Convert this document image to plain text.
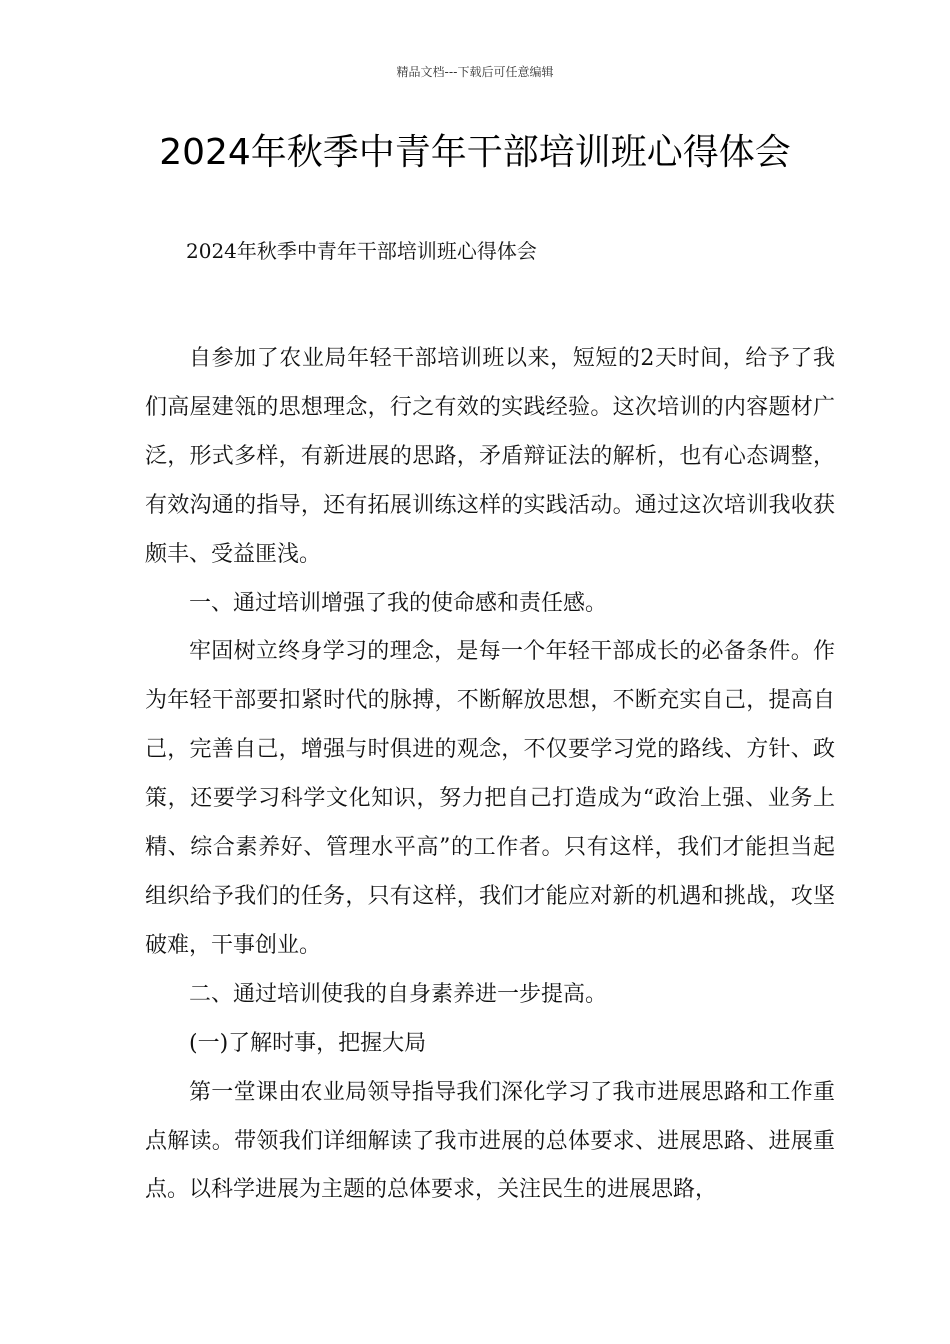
精品文档---下载后可任意编辑
2024年秋季中青年干部培训班心得体会
2024年秋季中青年干部培训班心得体会

自参加了农业局年轻干部培训班以来，短短的2天时间，给予了我们高屋建瓴的思想理念，行之有效的实践经验。这次培训的内容题材广泛，形式多样，有新进展的思路，矛盾辩证法的解析，也有心态调整，有效沟通的指导，还有拓展训练这样的实践活动。通过这次培训我收获颇丰、受益匪浅。

一、通过培训增强了我的使命感和责任感。

牢固树立终身学习的理念，是每一个年轻干部成长的必备条件。作为年轻干部要扣紧时代的脉搏，不断解放思想，不断充实自己，提高自己，完善自己，增强与时俱进的观念，不仅要学习党的路线、方针、政策，还要学习科学文化知识，努力把自己打造成为“政治上强、业务上精、综合素养好、管理水平高”的工作者。只有这样，我们才能担当起组织给予我们的任务，只有这样，我们才能应对新的机遇和挑战，攻坚破难，干事创业。

二、通过培训使我的自身素养进一步提高。

(一)了解时事，把握大局

第一堂课由农业局领导指导我们深化学习了我市进展思路和工作重点解读。带领我们详细解读了我市进展的总体要求、进展思路、进展重点。以科学进展为主题的总体要求，关注民生的进展思路，
